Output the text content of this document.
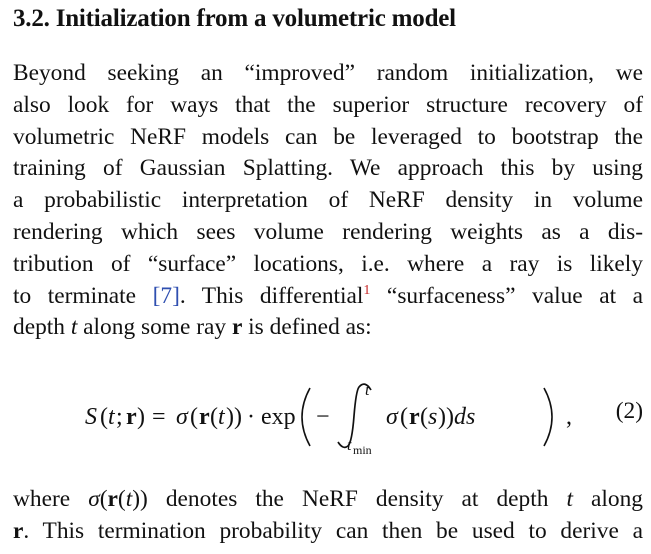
3.2. Initialization from a volumetric model
Beyond seeking an “improved” random initialization, we
also look for ways that the superior structure recovery of
volumetric NeRF models can be leveraged to bootstrap the
training of Gaussian Splatting. We approach this by using
a probabilistic interpretation of NeRF density in volume
rendering which sees volume rendering weights as a dis-
tribution of “surface” locations, i.e. where a ray is likely
to terminate [7]. This differential$^1$ “surfaceness” value at a
depth t along some ray r is defined as:
S ( t ; r ) = σ ( r ( t )) · exp −
t
t min
σ ( r ( s )) ds	, (2)
where σ(r(t)) denotes the NeRF density at depth t along
r. This termination probability can then be used to derive a
